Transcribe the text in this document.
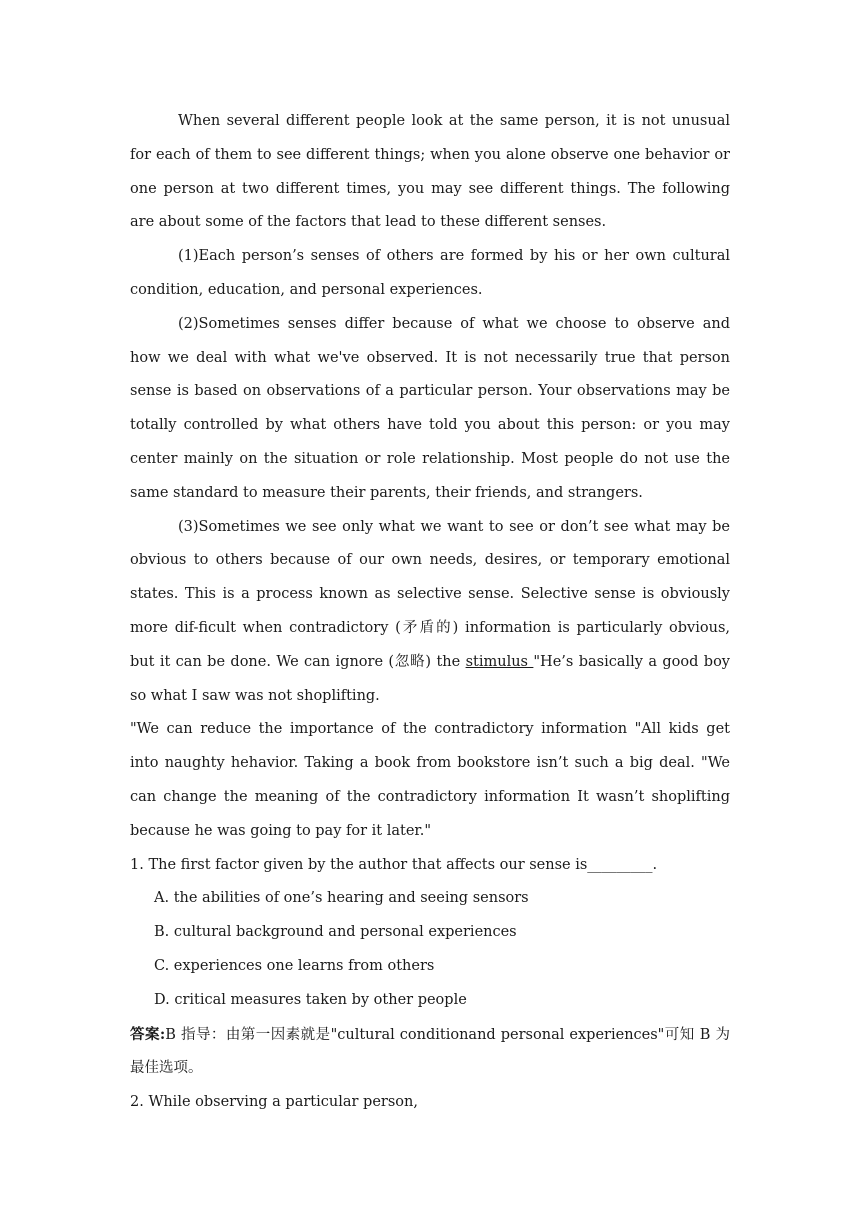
When several different people look at the same person, it is not unusual for each of them to see different things; when you alone observe one behavior or one person at two different times, you may see different things. The following are about some of the factors that lead to these different senses.

(1)Each person’s senses of others are formed by his or her own cultural condition, education, and personal experiences.

(2)Sometimes senses differ because of what we choose to observe and how we deal with what we've observed. It is not necessarily true that person sense is based on observations of a particular person. Your observations may be totally controlled by what others have told you about this person: or you may center mainly on the situation or role relationship. Most people do not use the same standard to measure their parents, their friends, and strangers.

(3)Sometimes we see only what we want to see or don’t see what may be obvious to others because of our own needs, desires, or temporary emotional states. This is a process known as selective sense. Selective sense is obviously more dif-ficult when contradictory (矛盾的) information is particularly obvious, but it can be done. We can ignore (忽略) the stimulus "He’s basically a good boy so what I saw was not shoplifting.

"We can reduce the importance of the contradictory information "All kids get into naughty hehavior. Taking a book from bookstore isn’t such a big deal. "We can change the meaning of the contradictory information It wasn’t shoplifting because he was going to pay for it later."

1. The first factor given by the author that affects our sense is_________.

A. the abilities of one’s hearing and seeing sensors

B. cultural background and personal experiences

C. experiences one learns from others

D. critical measures taken by other people

答案:B 指导：由第一因素就是"cultural conditionand personal experiences"可知 B 为最佳选项。

2. While observing a particular person,
